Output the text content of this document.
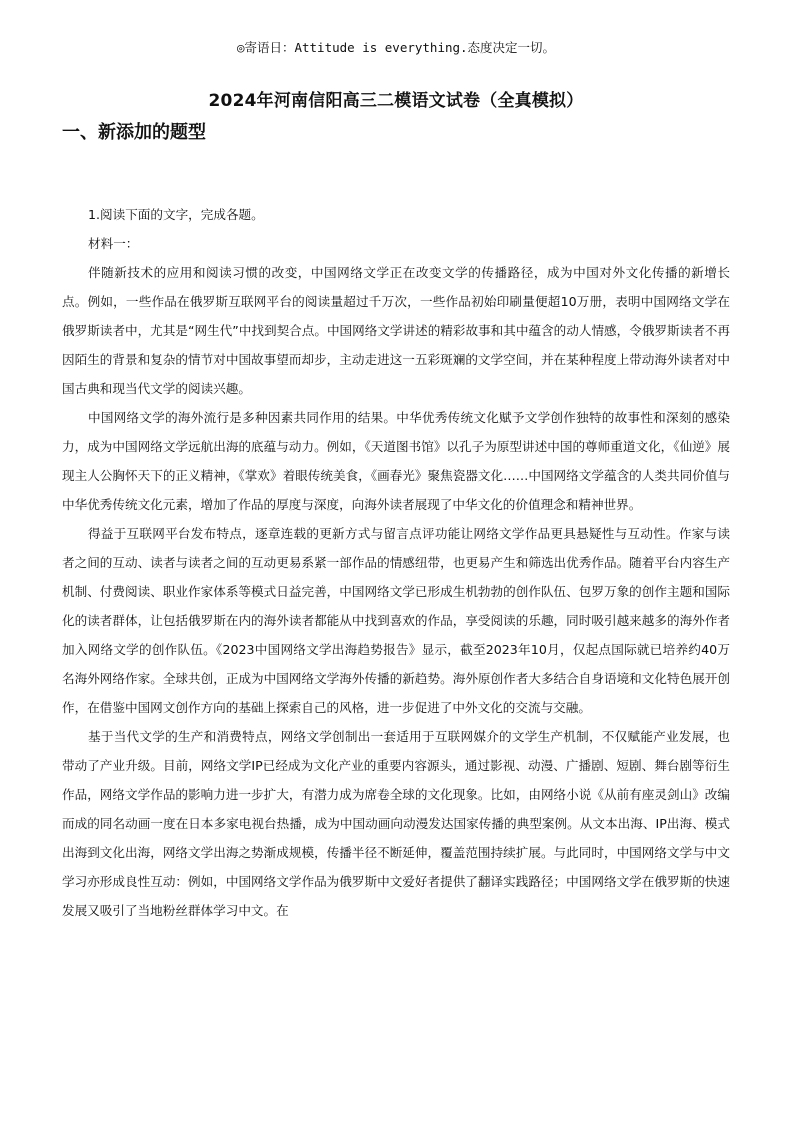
◎寄语日：Attitude is everything.态度决定一切。
2024年河南信阳高三二模语文试卷（全真模拟）
一、新添加的题型

1.阅读下面的文字，完成各题。

材料一：

伴随新技术的应用和阅读习惯的改变，中国网络文学正在改变文学的传播路径，成为中国对外文化传播的新增长点。例如，一些作品在俄罗斯互联网平台的阅读量超过千万次，一些作品初始印刷量便超10万册，表明中国网络文学在俄罗斯读者中，尤其是“网生代”中找到契合点。中国网络文学讲述的精彩故事和其中蕴含的动人情感，令俄罗斯读者不再因陌生的背景和复杂的情节对中国故事望而却步，主动走进这一五彩斑斓的文学空间，并在某种程度上带动海外读者对中国古典和现当代文学的阅读兴趣。

中国网络文学的海外流行是多种因素共同作用的结果。中华优秀传统文化赋予文学创作独特的故事性和深刻的感染力，成为中国网络文学远航出海的底蕴与动力。例如，《天道图书馆》以孔子为原型讲述中国的尊师重道文化，《仙逆》展现主人公胸怀天下的正义精神，《掌欢》着眼传统美食，《画春光》聚焦瓷器文化……中国网络文学蕴含的人类共同价值与中华优秀传统文化元素，增加了作品的厚度与深度，向海外读者展现了中华文化的价值理念和精神世界。

得益于互联网平台发布特点，逐章连载的更新方式与留言点评功能让网络文学作品更具悬疑性与互动性。作家与读者之间的互动、读者与读者之间的互动更易系紧一部作品的情感纽带，也更易产生和筛选出优秀作品。随着平台内容生产机制、付费阅读、职业作家体系等模式日益完善，中国网络文学已形成生机勃勃的创作队伍、包罗万象的创作主题和国际化的读者群体，让包括俄罗斯在内的海外读者都能从中找到喜欢的作品，享受阅读的乐趣，同时吸引越来越多的海外作者加入网络文学的创作队伍。《2023中国网络文学出海趋势报告》显示，截至2023年10月，仅起点国际就已培养约40万名海外网络作家。全球共创，正成为中国网络文学海外传播的新趋势。海外原创作者大多结合自身语境和文化特色展开创作，在借鉴中国网文创作方向的基础上探索自己的风格，进一步促进了中外文化的交流与交融。

基于当代文学的生产和消费特点，网络文学创制出一套适用于互联网媒介的文学生产机制，不仅赋能产业发展，也带动了产业升级。目前，网络文学IP已经成为文化产业的重要内容源头，通过影视、动漫、广播剧、短剧、舞台剧等衍生作品，网络文学作品的影响力进一步扩大，有潜力成为席卷全球的文化现象。比如，由网络小说《从前有座灵剑山》改编而成的同名动画一度在日本多家电视台热播，成为中国动画向动漫发达国家传播的典型案例。从文本出海、IP出海、模式出海到文化出海，网络文学出海之势渐成规模，传播半径不断延伸，覆盖范围持续扩展。与此同时，中国网络文学与中文学习亦形成良性互动：例如，中国网络文学作品为俄罗斯中文爱好者提供了翻译实践路径；中国网络文学在俄罗斯的快速发展又吸引了当地粉丝群体学习中文。在
